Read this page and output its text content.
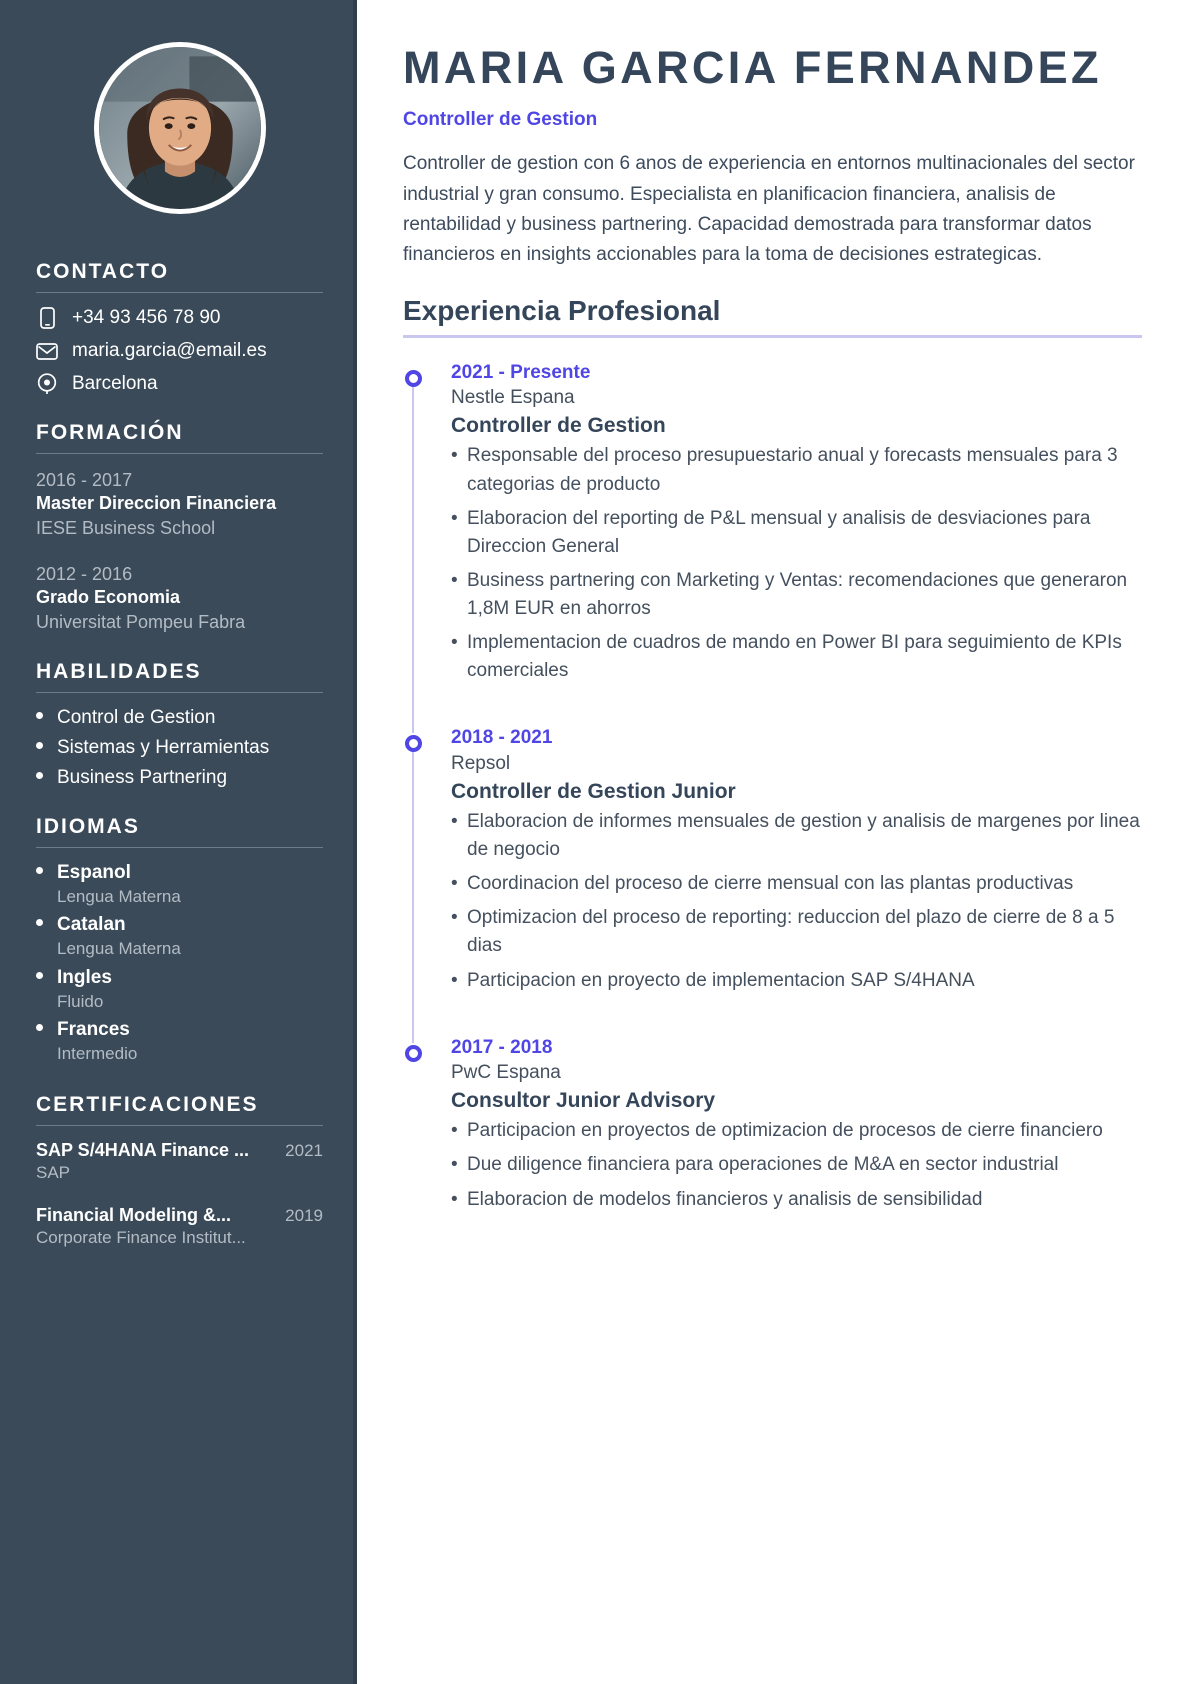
CONTACTO
+34 93 456 78 90
maria.garcia@email.es
Barcelona
FORMACIÓN
2016 - 2017
Master Direccion Financiera
IESE Business School
2012 - 2016
Grado Economia
Universitat Pompeu Fabra
HABILIDADES
Control de Gestion
Sistemas y Herramientas
Business Partnering
IDIOMAS
Espanol
Lengua Materna
Catalan
Lengua Materna
Ingles
Fluido
Frances
Intermedio
CERTIFICACIONES
SAP S/4HANA Finance ... 2021
SAP
Financial Modeling &...	2019
Corporate Finance Institut...
MARIA GARCIA FERNANDEZ
Controller de Gestion

Controller de gestion con 6 anos de experiencia en entornos multinacionales del sector industrial y gran consumo. Especialista en planificacion financiera, analisis de rentabilidad y business partnering. Capacidad demostrada para transformar datos financieros en insights accionables para la toma de decisiones estrategicas.

Experiencia Profesional
2021 - Presente
Nestle Espana
Controller de Gestion
• Responsable del proceso presupuestario anual y forecasts mensuales para 3 categorias de producto
• Elaboracion del reporting de P&L mensual y analisis de desviaciones para Direccion General
• Business partnering con Marketing y Ventas: recomendaciones que generaron 1,8M EUR en ahorros
• Implementacion de cuadros de mando en Power BI para seguimiento de KPIs comerciales
2018 - 2021
Repsol
Controller de Gestion Junior
• Elaboracion de informes mensuales de gestion y analisis de margenes por linea de negocio
• Coordinacion del proceso de cierre mensual con las plantas productivas
• Optimizacion del proceso de reporting: reduccion del plazo de cierre de 8 a 5 dias
• Participacion en proyecto de implementacion SAP S/4HANA
2017 - 2018
PwC Espana
Consultor Junior Advisory
• Participacion en proyectos de optimizacion de procesos de cierre financiero
• Due diligence financiera para operaciones de M&A en sector industrial
• Elaboracion de modelos financieros y analisis de sensibilidad
